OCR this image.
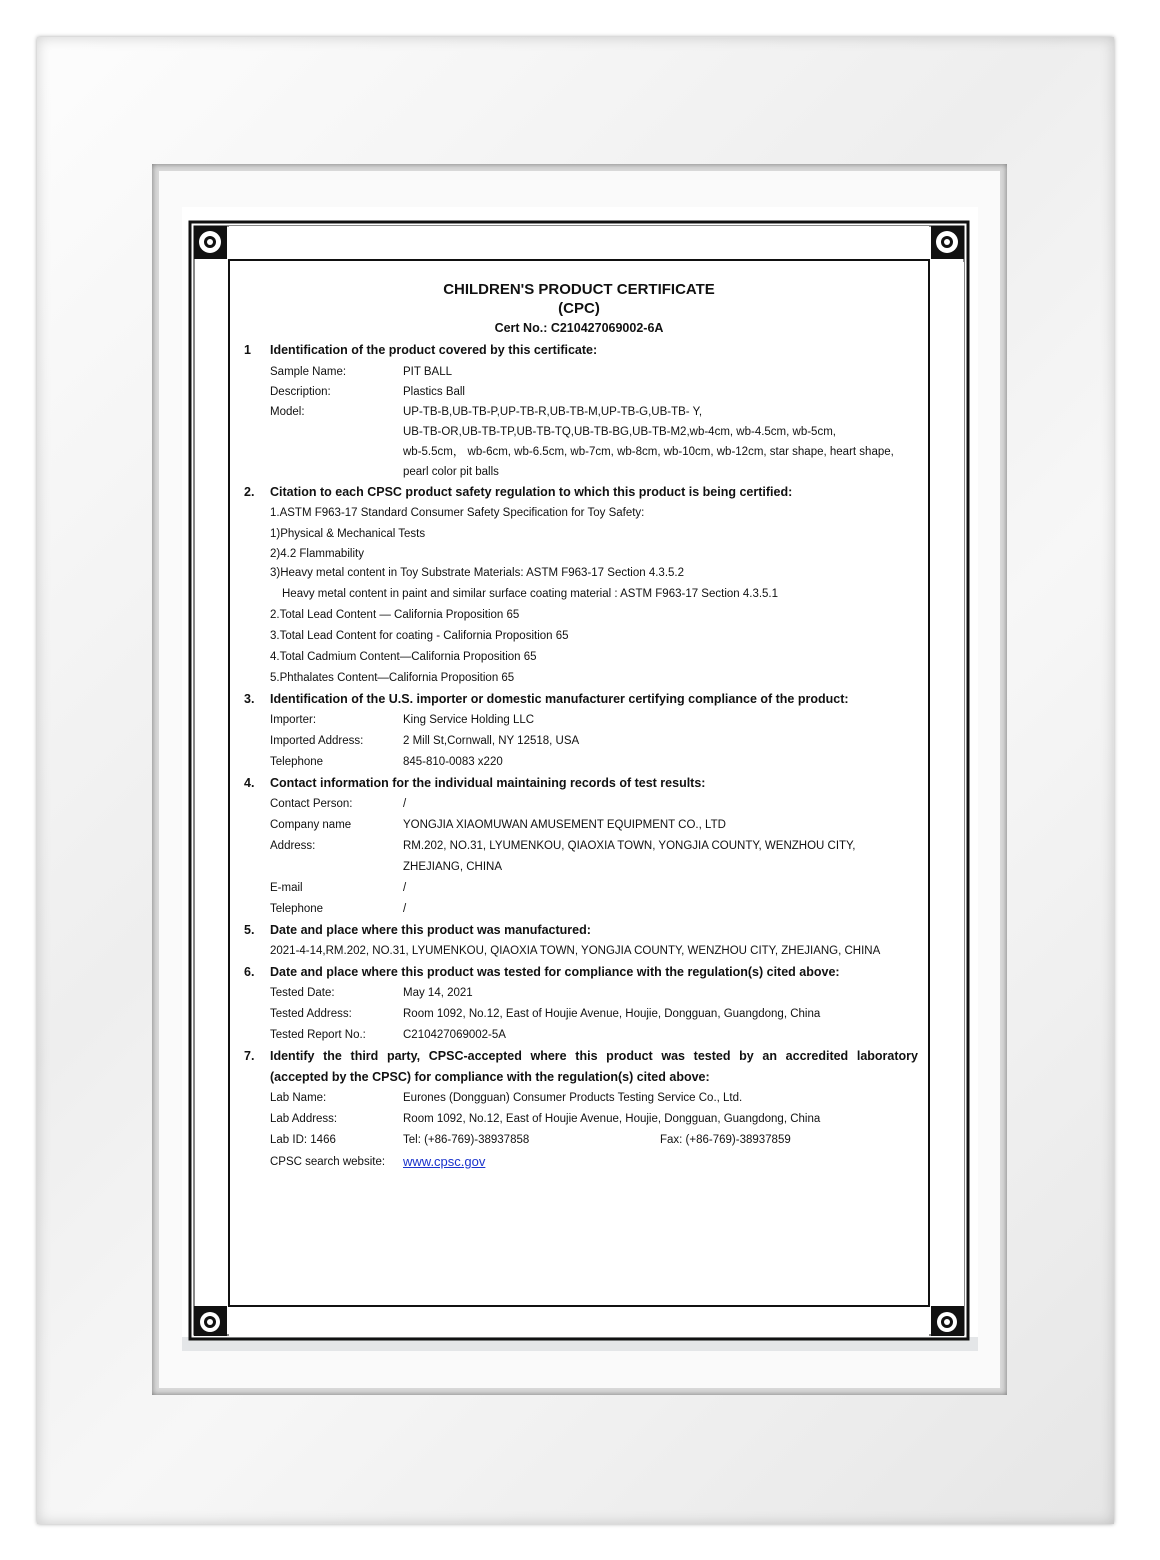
CHILDREN'S PRODUCT CERTIFICATE
(CPC)
Cert No.: C210427069002-6A
1 Identification of the product covered by this certificate:
Sample Name:	PIT BALL
Description:	Plastics Ball
Model:	UP-TB-B,UB-TB-P,UP-TB-R,UB-TB-M,UP-TB-G,UB-TB- Y,
UB-TB-OR,UB-TB-TP,UB-TB-TQ,UB-TB-BG,UB-TB-M2,wb-4cm, wb-4.5cm, wb-5cm,
wb-5.5cm， wb-6cm, wb-6.5cm, wb-7cm, wb-8cm, wb-10cm, wb-12cm, star shape, heart shape,
pearl color pit balls
2. Citation to each CPSC product safety regulation to which this product is being certified:
1.ASTM F963-17 Standard Consumer Safety Specification for Toy Safety:
1)Physical & Mechanical Tests
2)4.2 Flammability
3)Heavy metal content in Toy Substrate Materials: ASTM F963-17 Section 4.3.5.2
Heavy metal content in paint and similar surface coating material : ASTM F963-17 Section 4.3.5.1
2.Total Lead Content — California Proposition 65
3.Total Lead Content for coating - California Proposition 65
4.Total Cadmium Content—California Proposition 65
5.Phthalates Content—California Proposition 65
3. Identification of the U.S. importer or domestic manufacturer certifying compliance of the product:
Importer:	King Service Holding LLC
Imported Address:	2 Mill St,Cornwall, NY 12518, USA
Telephone	845-810-0083 x220
4. Contact information for the individual maintaining records of test results:
Contact Person:	/
Company name	YONGJIA XIAOMUWAN AMUSEMENT EQUIPMENT CO., LTD
Address:	RM.202, NO.31, LYUMENKOU, QIAOXIA TOWN, YONGJIA COUNTY, WENZHOU CITY,
ZHEJIANG, CHINA
E-mail	/
Telephone	/
5. Date and place where this product was manufactured:
2021-4-14,RM.202, NO.31, LYUMENKOU, QIAOXIA TOWN, YONGJIA COUNTY, WENZHOU CITY, ZHEJIANG, CHINA
6. Date and place where this product was tested for compliance with the regulation(s) cited above:
Tested Date:	May 14, 2021
Tested Address:	Room 1092, No.12, East of Houjie Avenue, Houjie, Dongguan, Guangdong, China
Tested Report No.:	C210427069002-5A
7. Identify the third party, CPSC-accepted where this product was tested by an accredited laboratory
(accepted by the CPSC) for compliance with the regulation(s) cited above:
Lab Name:	Eurones (Dongguan) Consumer Products Testing Service Co., Ltd.
Lab Address:	Room 1092, No.12, East of Houjie Avenue, Houjie, Dongguan, Guangdong, China
Lab ID: 1466	Tel: (+86-769)-38937858	Fax: (+86-769)-38937859
CPSC search website: www.cpsc.gov
